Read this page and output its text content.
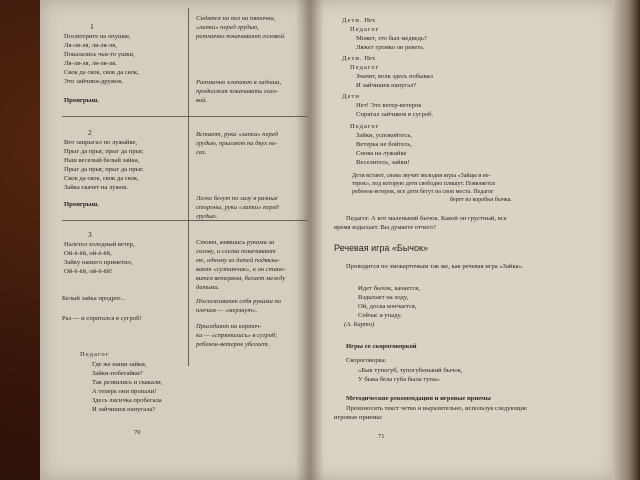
1
Посмотрите на опушке,
Ля-ля-ля, ля-ля-ля,
Показались чьи-то ушки,
Ля-ля-ля, ля-ля-ля.
Скок да скок, скок да скок,
Это зайчики-дружок.
Проигрыш.
Садятся на пол на пяточки,
«лапки» перед грудью,
ритмично покачивают головой.
Ритмично хлопают в ладоши,
продолжая покачивать голо-
вой.
2
Вот запрыгал по лужайке,
Прыг да прыг, прыг да прыг,
Наш веселый белый зайка,
Прыг да прыг, прыг да прыг.
Скок да скок, скок да скок,
Зайка скачет на лужок.
Проигрыш.
Встают, руки «лапки» перед
грудью, прыгают на двух но-
гах.
Легко бегут по залу в разные
стороны, руки «лапки» перед
грудью.
3
Налетел холодный ветер,
Ой-ё-ёй, ой-ё-ёй,
Зайку нашего приметил,
Ой-ё-ёй, ой-ё-ёй!
Белый зайка продрог...
Раз — и спрятался в сугроб!
Стоят, взявшись руками за
голову, и слегка покачивают
ею, одному из детей подвязы-
вают «султанчик», и он стано-
вится ветерком, бегает между
детьми.
Поглаживают себя руками по
плечам — «мерзнут».
Приседают на корточ-
ки — «спрятались» в сугроб;
ребенок-ветерок убегает.
Педагог
Где же наши зайки,
Зайки-побегайки?
Так резвились и скакали,
А теперь они пропали!
Здесь лисичка пробегала
И зайчишек напугала?
70
Дети. Нет.
Педагог
Может, это был медведь?
Ляжет громко он реветь.
Дети. Нет.
Педагог
Значит, волк здесь побывал
И зайчишек напугал?
Дети
Нет! Это ветер-ветерок
Спрятал зайчиков в сугроб.
Педагог
Зайки, успокойтесь,
Ветерка не бойтесь,
Снова на лужайке
Веселитесь, зайки!
Дети встают, снова звучит мелодия игры «Зайцы и ве-
терок», под которую дети свободно пляшут. Появляется
ребенок-ветерок, все дети бегут на свои места. Педагог
берет из коробки бычка.
Педагог. А вот маленький бычок. Какой он грустный, все
время вздыхает. Вы думаете отчего?
Речевая игра «Бычок»
Проводится по эмокарточкам так же, как речевая игра «Зайка».
Идет бычок, качается,
Вздыхает на ходу,
Ой, доска кончается,
Сейчас я упаду.
(А. Барто)
Игры со скороговоркой
Скороговорка:
«Бык тупогуб, тупогубенький бычок,
У быка бела губа была тупа».
Методические рекомендации и игровые приемы
Произносить текст четко и выразительно, используя следующие
игровые приемы:
71
